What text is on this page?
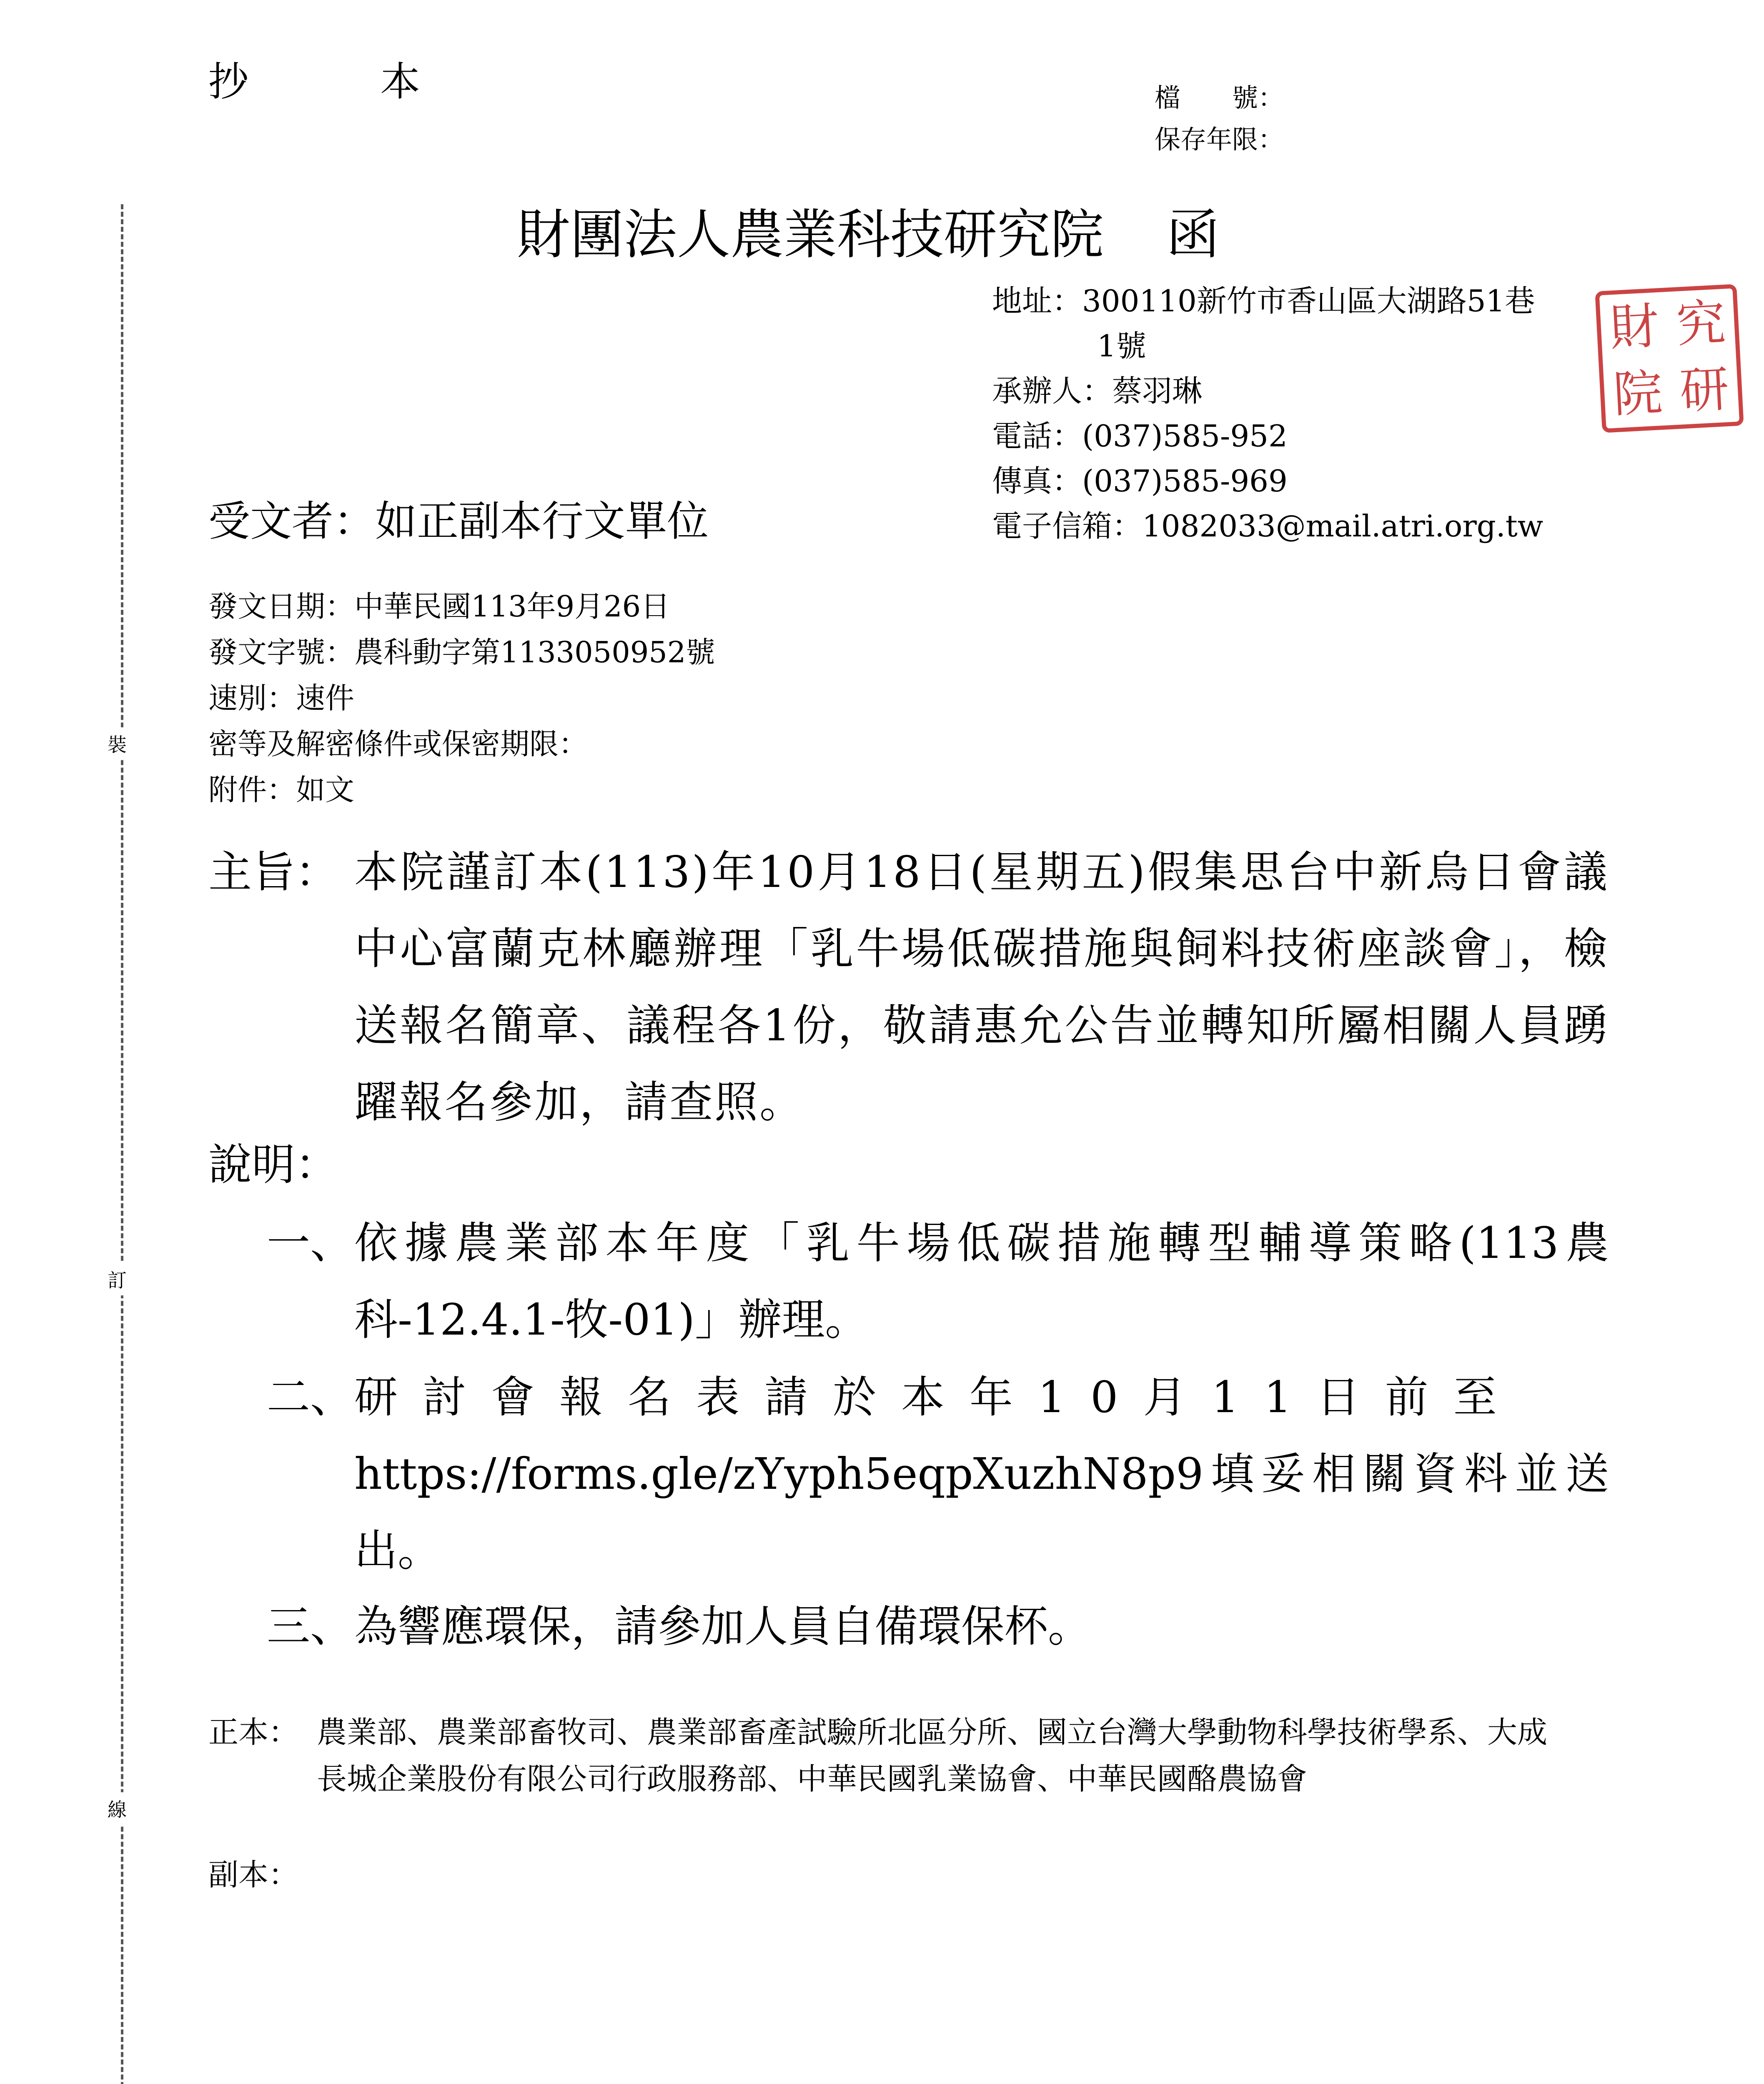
抄　本	檔　　號：
保存年限：
裝
訂
線
財團法人農業科技研究院 函
地址：300110新竹市香山區大湖路51巷
1號
承辦人：蔡羽琳
電話：(037)585-952
傳真：(037)585-969
電子信箱：1082033@mail.atri.org.tw
財 究
院 研
受文者：如正副本行文單位
發文日期：中華民國113年9月26日
發文字號：農科動字第1133050952號
速別：速件
密等及解密條件或保密期限：
附件：如文
主旨： 本院謹訂本(113)年10月18日(星期五)假集思台中新烏日會議中心富蘭克林廳辦理「乳牛場低碳措施與飼料技術座談會」，檢送報名簡章、議程各1份，敬請惠允公告並轉知所屬相關人員踴躍報名參加，請查照。
說明：
一、 依據農業部本年度「乳牛場低碳措施轉型輔導策略(113農科-12.4.1-牧-01)」辦理。
二、 研討會報名表請於本年10月11日前至
https://forms.gle/zYyph5eqpXuzhN8p9填妥相關資料並送出。
三、 為響應環保，請參加人員自備環保杯。
正本： 農業部、農業部畜牧司、農業部畜產試驗所北區分所、國立台灣大學動物科學技術學系、大成長城企業股份有限公司行政服務部、中華民國乳業協會、中華民國酪農協會
副本：
